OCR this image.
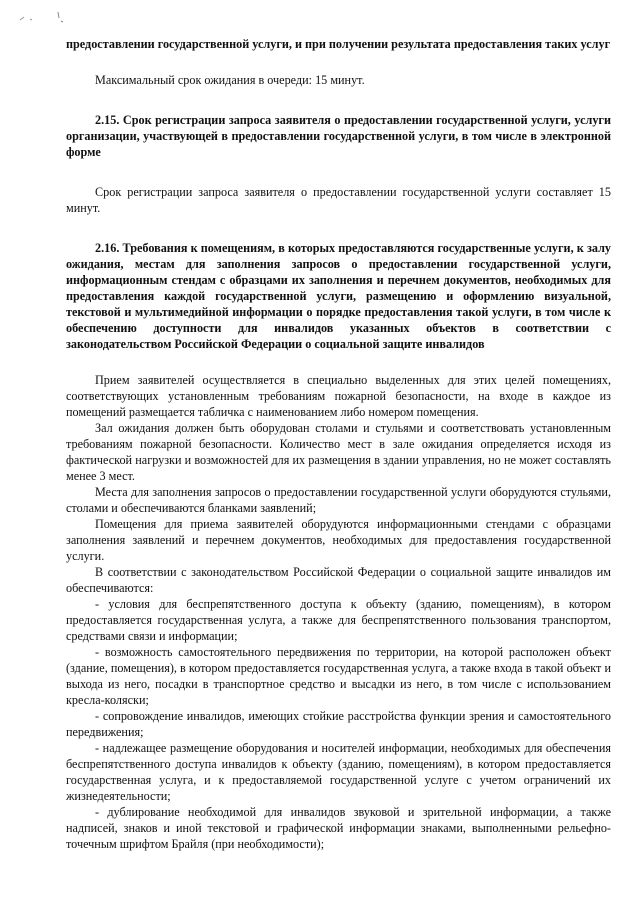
предоставлении государственной услуги, и при получении результата предоставления таких услуг

Максимальный срок ожидания в очереди: 15 минут.

2.15. Срок регистрации запроса заявителя о предоставлении государственной услуги, услуги организации, участвующей в предоставлении государственной услуги, в том числе в электронной форме

Срок регистрации запроса заявителя о предоставлении государственной услуги составляет 15 минут.

2.16. Требования к помещениям, в которых предоставляются государственные услуги, к залу ожидания, местам для заполнения запросов о предоставлении государственной услуги, информационным стендам с образцами их заполнения и перечнем документов, необходимых для предоставления каждой государственной услуги, размещению и оформлению визуальной, текстовой и мультимедийной информации о порядке предоставления такой услуги, в том числе к обеспечению доступности для инвалидов указанных объектов в соответствии с законодательством Российской Федерации о социальной защите инвалидов

Прием заявителей осуществляется в специально выделенных для этих целей помещениях, соответствующих установленным требованиям пожарной безопасности, на входе в каждое из помещений размещается табличка с наименованием либо номером помещения.

Зал ожидания должен быть оборудован столами и стульями и соответствовать установленным требованиям пожарной безопасности. Количество мест в зале ожидания определяется исходя из фактической нагрузки и возможностей для их размещения в здании управления, но не может составлять менее 3 мест.

Места для заполнения запросов о предоставлении государственной услуги оборудуются стульями, столами и обеспечиваются бланками заявлений;

Помещения для приема заявителей оборудуются информационными стендами с образцами заполнения заявлений и перечнем документов, необходимых для предоставления государственной услуги.

В соответствии с законодательством Российской Федерации о социальной защите инвалидов им обеспечиваются:

- условия для беспрепятственного доступа к объекту (зданию, помещениям), в котором предоставляется государственная услуга, а также для беспрепятственного пользования транспортом, средствами связи и информации;

- возможность самостоятельного передвижения по территории, на которой расположен объект (здание, помещения), в котором предоставляется государственная услуга, а также входа в такой объект и выхода из него, посадки в транспортное средство и высадки из него, в том числе с использованием кресла-коляски;

- сопровождение инвалидов, имеющих стойкие расстройства функции зрения и самостоятельного передвижения;

- надлежащее размещение оборудования и носителей информации, необходимых для обеспечения беспрепятственного доступа инвалидов к объекту (зданию, помещениям), в котором предоставляется государственная услуга, и к предоставляемой государственной услуге с учетом ограничений их жизнедеятельности;

- дублирование необходимой для инвалидов звуковой и зрительной информации, а также надписей, знаков и иной текстовой и графической информации знаками, выполненными рельефно-точечным шрифтом Брайля (при необходимости);
